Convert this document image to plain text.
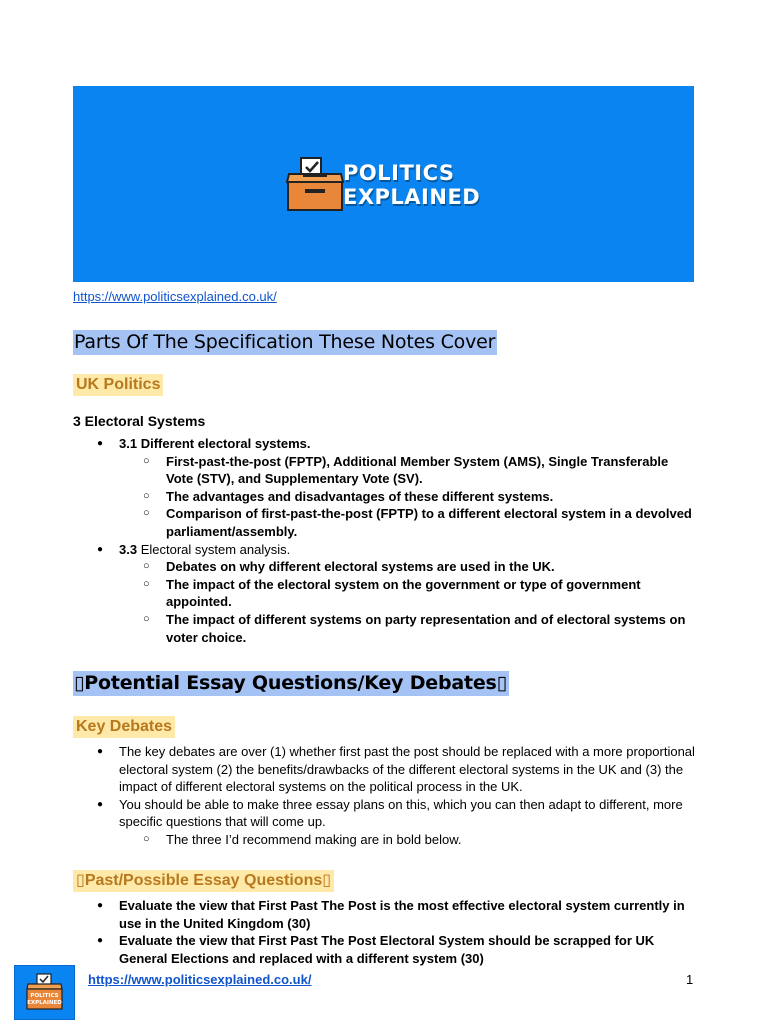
POLITICS
EXPLAINED
https://www.politicsexplained.co.uk/
Parts Of The Specification These Notes Cover
UK Politics
3 Electoral Systems
● 3.1 Different electoral systems.
○ First-past-the-post (FPTP), Additional Member System (AMS), Single Transferable Vote (STV), and Supplementary Vote (SV).
○ The advantages and disadvantages of these different systems.
○ Comparison of first-past-the-post (FPTP) to a different electoral system in a devolved parliament/assembly.
● 3.3 Electoral system analysis.
○ Debates on why different electoral systems are used in the UK.
○ The impact of the electoral system on the government or type of government appointed.
○ The impact of different systems on party representation and of electoral systems on voter choice.
▯Potential Essay Questions/Key Debates▯
Key Debates
● The key debates are over (1) whether first past the post should be replaced with a more proportional electoral system (2) the benefits/drawbacks of the different electoral systems in the UK and (3) the impact of different electoral systems on the political process in the UK.
● You should be able to make three essay plans on this, which you can then adapt to different, more specific questions that will come up.
○ The three I’d recommend making are in bold below.
▯Past/Possible Essay Questions▯
● Evaluate the view that First Past The Post is the most effective electoral system currently in use in the United Kingdom (30)
● Evaluate the view that First Past The Post Electoral System should be scrapped for UK General Elections and replaced with a different system (30)
POLITICS
EXPLAINED
https://www.politicsexplained.co.uk/	1
